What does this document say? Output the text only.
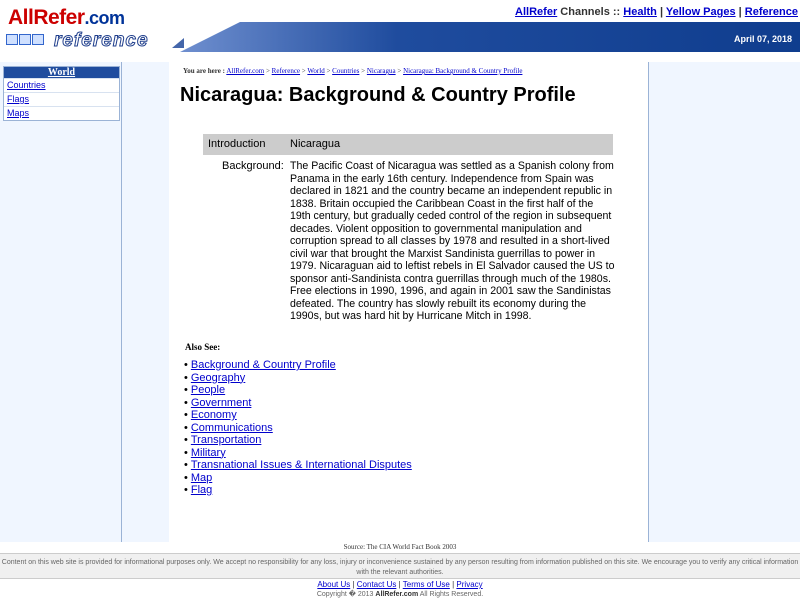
AllRefer.com
reference
AllRefer Channels :: Health | Yellow Pages | Reference
April 07, 2018
World
Countries
Flags
Maps
You are here : AllRefer.com > Reference > World > Countries > Nicaragua > Nicaragua: Background & Country Profile
Nicaragua: Background & Country Profile
Introduction Nicaragua
Background: The Pacific Coast of Nicaragua was settled as a Spanish colony from Panama in the early 16th century. Independence from Spain was declared in 1821 and the country became an independent republic in 1838. Britain occupied the Caribbean Coast in the first half of the 19th century, but gradually ceded control of the region in subsequent decades. Violent opposition to governmental manipulation and corruption spread to all classes by 1978 and resulted in a short-lived civil war that brought the Marxist Sandinista guerrillas to power in 1979. Nicaraguan aid to leftist rebels in El Salvador caused the US to sponsor anti-Sandinista contra guerrillas through much of the 1980s. Free elections in 1990, 1996, and again in 2001 saw the Sandinistas defeated. The country has slowly rebuilt its economy during the 1990s, but was hard hit by Hurricane Mitch in 1998.
Also See:
• Background & Country Profile
• Geography
• People
• Government
• Economy
• Communications
• Transportation
• Military
• Transnational Issues & International Disputes
• Map
• Flag
Source: The CIA World Fact Book 2003
Content on this web site is provided for informational purposes only. We accept no responsibility for any loss, injury or inconvenience sustained by any person resulting from information published on this site. We encourage you to verify any critical information with the relevant authorities.
About Us | Contact Us | Terms of Use | Privacy
Copyright � 2013 AllRefer.com All Rights Reserved.
